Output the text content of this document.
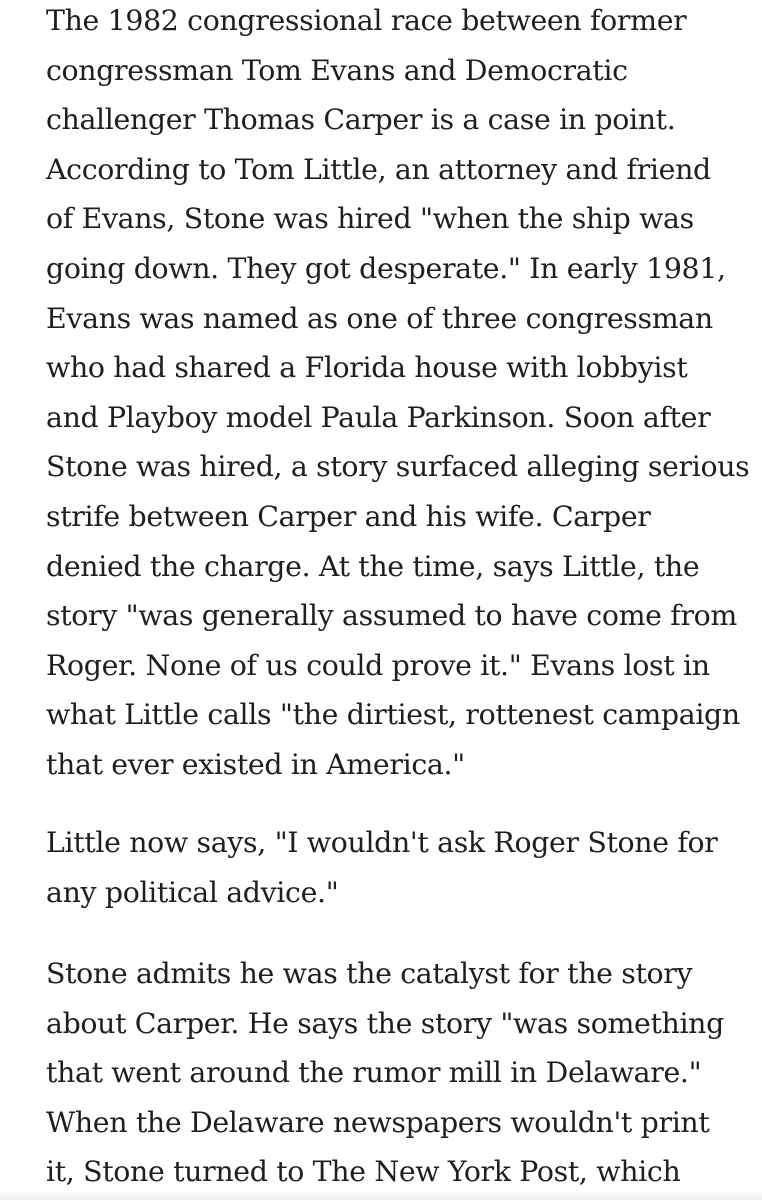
The 1982 congressional race between former
congressman Tom Evans and Democratic
challenger Thomas Carper is a case in point.
According to Tom Little, an attorney and friend
of Evans, Stone was hired "when the ship was
going down. They got desperate." In early 1981,
Evans was named as one of three congressman
who had shared a Florida house with lobbyist
and Playboy model Paula Parkinson. Soon after
Stone was hired, a story surfaced alleging serious
strife between Carper and his wife. Carper
denied the charge. At the time, says Little, the
story "was generally assumed to have come from
Roger. None of us could prove it." Evans lost in
what Little calls "the dirtiest, rottenest campaign
that ever existed in America."
Little now says, "I wouldn't ask Roger Stone for
any political advice."
Stone admits he was the catalyst for the story
about Carper. He says the story "was something
that went around the rumor mill in Delaware."
When the Delaware newspapers wouldn't print
it, Stone turned to The New York Post, which
